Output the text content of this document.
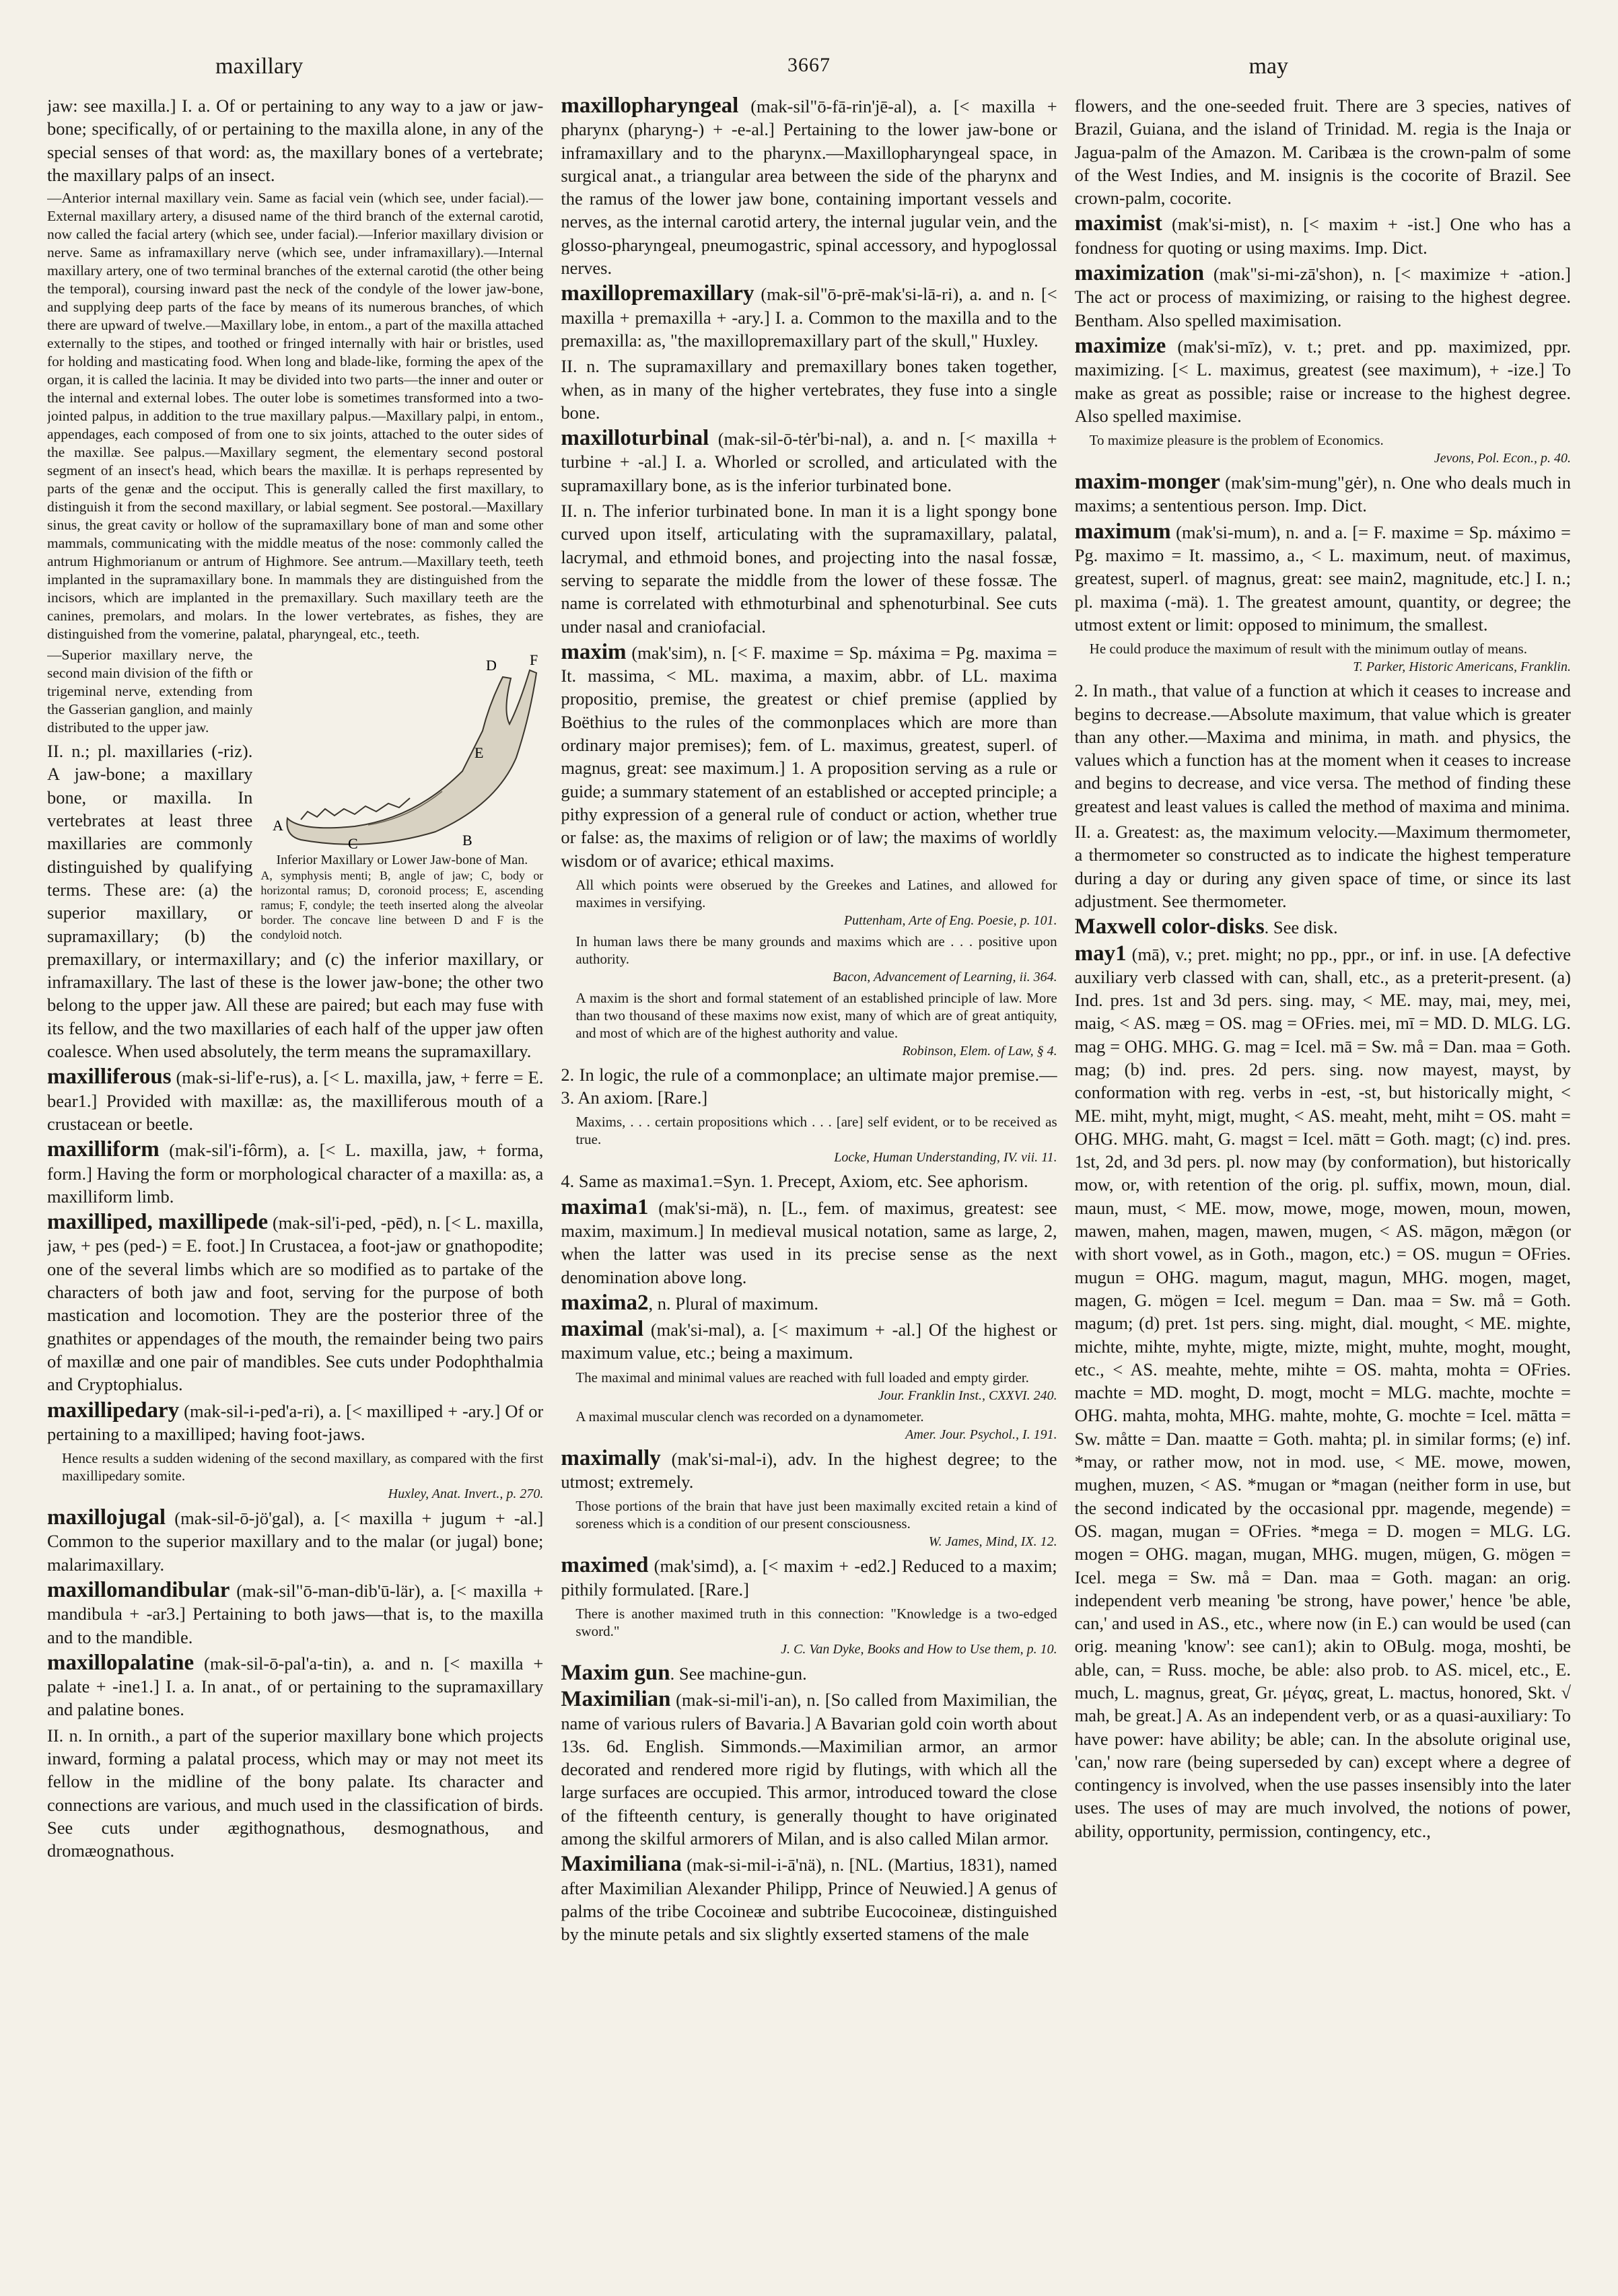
maxillary	3667	may
jaw: see maxilla.] I. a. Of or pertaining to any way to a jaw or jaw-bone; specifically, of or pertaining to the maxilla alone, in any of the special senses of that word: as, the maxillary bones of a vertebrate; the maxillary palps of an insect.
—Anterior internal maxillary vein. Same as facial vein (which see, under facial).—External maxillary artery, a disused name of the third branch of the external carotid, now called the facial artery (which see, under facial).—Inferior maxillary division or nerve. Same as inframaxillary nerve (which see, under inframaxillary).—Internal maxillary artery, one of two terminal branches of the external carotid (the other being the temporal), coursing inward past the neck of the condyle of the lower jaw-bone, and supplying deep parts of the face by means of its numerous branches, of which there are upward of twelve.—Maxillary lobe, in entom., a part of the maxilla attached externally to the stipes, and toothed or fringed internally with hair or bristles, used for holding and masticating food. When long and blade-like, forming the apex of the organ, it is called the lacinia. It may be divided into two parts—the inner and outer or the internal and external lobes. The outer lobe is sometimes transformed into a two-jointed palpus, in addition to the true maxillary palpus.—Maxillary palpi, in entom., appendages, each composed of from one to six joints, attached to the outer sides of the maxillæ. See palpus.—Maxillary segment, the elementary second postoral segment of an insect's head, which bears the maxillæ. It is perhaps represented by parts of the genæ and the occiput. This is generally called the first maxillary, to distinguish it from the second maxillary, or labial segment. See postoral.—Maxillary sinus, the great cavity or hollow of the supramaxillary bone of man and some other mammals, communicating with the middle meatus of the nose: commonly called the antrum Highmorianum or antrum of Highmore. See antrum.—Maxillary teeth, teeth implanted in the supramaxillary bone. In mammals they are distinguished from the incisors, which are implanted in the premaxillary. Such maxillary teeth are the canines, premolars, and molars. In the lower vertebrates, as fishes, they are distinguished from the vomerine, palatal, pharyngeal, etc., teeth.
A
B
C
D
E
F
Inferior Maxillary or Lower Jaw-bone of Man.
A, symphysis menti; B, angle of jaw; C, body or horizontal ramus; D, coronoid process; E, ascending ramus; F, condyle; the teeth inserted along the alveolar border. The concave line between D and F is the condyloid notch.
—Superior maxillary nerve, the second main division of the fifth or trigeminal nerve, extending from the Gasserian ganglion, and mainly distributed to the upper jaw.
II. n.; pl. maxillaries (-riz). A jaw-bone; a maxillary bone, or maxilla. In vertebrates at least three maxillaries are commonly distinguished by qualifying terms. These are: (a) the superior maxillary, or supramaxillary; (b) the premaxillary, or intermaxillary; and (c) the inferior maxillary, or inframaxillary. The last of these is the lower jaw-bone; the other two belong to the upper jaw. All these are paired; but each may fuse with its fellow, and the two maxillaries of each half of the upper jaw often coalesce. When used absolutely, the term means the supramaxillary.
maxilliferous (mak-si-lif'e-rus), a. [< L. maxilla, jaw, + ferre = E. bear1.] Provided with maxillæ: as, the maxilliferous mouth of a crustacean or beetle.
maxilliform (mak-sil'i-fôrm), a. [< L. maxilla, jaw, + forma, form.] Having the form or morphological character of a maxilla: as, a maxilliform limb.
maxilliped, maxillipede (mak-sil'i-ped, -pēd), n. [< L. maxilla, jaw, + pes (ped-) = E. foot.] In Crustacea, a foot-jaw or gnathopodite; one of the several limbs which are so modified as to partake of the characters of both jaw and foot, serving for the purpose of both mastication and locomotion. They are the posterior three of the gnathites or appendages of the mouth, the remainder being two pairs of maxillæ and one pair of mandibles. See cuts under Podophthalmia and Cryptophialus.
maxillipedary (mak-sil-i-ped'a-ri), a. [< maxilliped + -ary.] Of or pertaining to a maxilliped; having foot-jaws.
Hence results a sudden widening of the second maxillary, as compared with the first maxillipedary somite.
Huxley, Anat. Invert., p. 270.
maxillojugal (mak-sil-ō-jö'gal), a. [< maxilla + jugum + -al.] Common to the superior maxillary and to the malar (or jugal) bone; malarimaxillary.
maxillomandibular (mak-sil"ō-man-dib'ū-lär), a. [< maxilla + mandibula + -ar3.] Pertaining to both jaws—that is, to the maxilla and to the mandible.
maxillopalatine (mak-sil-ō-pal'a-tin), a. and n. [< maxilla + palate + -ine1.] I. a. In anat., of or pertaining to the supramaxillary and palatine bones.
II. n. In ornith., a part of the superior maxillary bone which projects inward, forming a palatal process, which may or may not meet its fellow in the midline of the bony palate. Its character and connections are various, and much used in the classification of birds. See cuts under ægithognathous, desmognathous, and dromæognathous.
maxillopharyngeal (mak-sil"ō-fā-rin'jē-al), a. [< maxilla + pharynx (pharyng-) + -e-al.] Pertaining to the lower jaw-bone or inframaxillary and to the pharynx.—Maxillopharyngeal space, in surgical anat., a triangular area between the side of the pharynx and the ramus of the lower jaw bone, containing important vessels and nerves, as the internal carotid artery, the internal jugular vein, and the glosso-pharyngeal, pneumogastric, spinal accessory, and hypoglossal nerves.
maxillopremaxillary (mak-sil"ō-prē-mak'si-lā-ri), a. and n. [< maxilla + premaxilla + -ary.] I. a. Common to the maxilla and to the premaxilla: as, "the maxillopremaxillary part of the skull," Huxley.
II. n. The supramaxillary and premaxillary bones taken together, when, as in many of the higher vertebrates, they fuse into a single bone.
maxilloturbinal (mak-sil-ō-tėr'bi-nal), a. and n. [< maxilla + turbine + -al.] I. a. Whorled or scrolled, and articulated with the supramaxillary bone, as is the inferior turbinated bone.
II. n. The inferior turbinated bone. In man it is a light spongy bone curved upon itself, articulating with the supramaxillary, palatal, lacrymal, and ethmoid bones, and projecting into the nasal fossæ, serving to separate the middle from the lower of these fossæ. The name is correlated with ethmoturbinal and sphenoturbinal. See cuts under nasal and craniofacial.
maxim (mak'sim), n. [< F. maxime = Sp. máxima = Pg. maxima = It. massima, < ML. maxima, a maxim, abbr. of LL. maxima propositio, premise, the greatest or chief premise (applied by Boëthius to the rules of the commonplaces which are more than ordinary major premises); fem. of L. maximus, greatest, superl. of magnus, great: see maximum.] 1. A proposition serving as a rule or guide; a summary statement of an established or accepted principle; a pithy expression of a general rule of conduct or action, whether true or false: as, the maxims of religion or of law; the maxims of worldly wisdom or of avarice; ethical maxims.
All which points were obserued by the Greekes and Latines, and allowed for maximes in versifying.
Puttenham, Arte of Eng. Poesie, p. 101.
In human laws there be many grounds and maxims which are . . . positive upon authority.
Bacon, Advancement of Learning, ii. 364.
A maxim is the short and formal statement of an established principle of law. More than two thousand of these maxims now exist, many of which are of great antiquity, and most of which are of the highest authority and value.
Robinson, Elem. of Law, § 4.
2. In logic, the rule of a commonplace; an ultimate major premise.—3. An axiom. [Rare.]
Maxims, . . . certain propositions which . . . [are] self evident, or to be received as true.
Locke, Human Understanding, IV. vii. 11.
4. Same as maxima1.=Syn. 1. Precept, Axiom, etc. See aphorism.
maxima1 (mak'si-mä), n. [L., fem. of maximus, greatest: see maxim, maximum.] In medieval musical notation, same as large, 2, when the latter was used in its precise sense as the next denomination above long.
maxima2, n. Plural of maximum.
maximal (mak'si-mal), a. [< maximum + -al.] Of the highest or maximum value, etc.; being a maximum.
The maximal and minimal values are reached with full loaded and empty girder.
Jour. Franklin Inst., CXXVI. 240.
A maximal muscular clench was recorded on a dynamometer.
Amer. Jour. Psychol., I. 191.
maximally (mak'si-mal-i), adv. In the highest degree; to the utmost; extremely.
Those portions of the brain that have just been maximally excited retain a kind of soreness which is a condition of our present consciousness.
W. James, Mind, IX. 12.
maximed (mak'simd), a. [< maxim + -ed2.] Reduced to a maxim; pithily formulated. [Rare.]
There is another maximed truth in this connection: "Knowledge is a two-edged sword."
J. C. Van Dyke, Books and How to Use them, p. 10.
Maxim gun. See machine-gun.
Maximilian (mak-si-mil'i-an), n. [So called from Maximilian, the name of various rulers of Bavaria.] A Bavarian gold coin worth about 13s. 6d. English. Simmonds.—Maximilian armor, an armor decorated and rendered more rigid by flutings, with which all the large surfaces are occupied. This armor, introduced toward the close of the fifteenth century, is generally thought to have originated among the skilful armorers of Milan, and is also called Milan armor.
Maximiliana (mak-si-mil-i-ā'nä), n. [NL. (Martius, 1831), named after Maximilian Alexander Philipp, Prince of Neuwied.] A genus of palms of the tribe Cocoineæ and subtribe Eucocoineæ, distinguished by the minute petals and six slightly exserted stamens of the male
flowers, and the one-seeded fruit. There are 3 species, natives of Brazil, Guiana, and the island of Trinidad. M. regia is the Inaja or Jagua-palm of the Amazon. M. Caribæa is the crown-palm of some of the West Indies, and M. insignis is the cocorite of Brazil. See crown-palm, cocorite.
maximist (mak'si-mist), n. [< maxim + -ist.] One who has a fondness for quoting or using maxims. Imp. Dict.
maximization (mak"si-mi-zā'shon), n. [< maximize + -ation.] The act or process of maximizing, or raising to the highest degree. Bentham. Also spelled maximisation.
maximize (mak'si-mīz), v. t.; pret. and pp. maximized, ppr. maximizing. [< L. maximus, greatest (see maximum), + -ize.] To make as great as possible; raise or increase to the highest degree. Also spelled maximise.
To maximize pleasure is the problem of Economics.
Jevons, Pol. Econ., p. 40.
maxim-monger (mak'sim-mung"gėr), n. One who deals much in maxims; a sententious person. Imp. Dict.
maximum (mak'si-mum), n. and a. [= F. maxime = Sp. máximo = Pg. maximo = It. massimo, a., < L. maximum, neut. of maximus, greatest, superl. of magnus, great: see main2, magnitude, etc.] I. n.; pl. maxima (-mä). 1. The greatest amount, quantity, or degree; the utmost extent or limit: opposed to minimum, the smallest.
He could produce the maximum of result with the minimum outlay of means.
T. Parker, Historic Americans, Franklin.
2. In math., that value of a function at which it ceases to increase and begins to decrease.—Absolute maximum, that value which is greater than any other.—Maxima and minima, in math. and physics, the values which a function has at the moment when it ceases to increase and begins to decrease, and vice versa. The method of finding these greatest and least values is called the method of maxima and minima.
II. a. Greatest: as, the maximum velocity.—Maximum thermometer, a thermometer so constructed as to indicate the highest temperature during a day or during any given space of time, or since its last adjustment. See thermometer.
Maxwell color-disks. See disk.
may1 (mā), v.; pret. might; no pp., ppr., or inf. in use. [A defective auxiliary verb classed with can, shall, etc., as a preterit-present. (a) Ind. pres. 1st and 3d pers. sing. may, < ME. may, mai, mey, mei, maig, < AS. mæg = OS. mag = OFries. mei, mī = MD. D. MLG. LG. mag = OHG. MHG. G. mag = Icel. mā = Sw. må = Dan. maa = Goth. mag; (b) ind. pres. 2d pers. sing. now mayest, mayst, by conformation with reg. verbs in -est, -st, but historically might, < ME. miht, myht, migt, mught, < AS. meaht, meht, miht = OS. maht = OHG. MHG. maht, G. magst = Icel. mātt = Goth. magt; (c) ind. pres. 1st, 2d, and 3d pers. pl. now may (by conformation), but historically mow, or, with retention of the orig. pl. suffix, mown, moun, dial. maun, must, < ME. mow, mowe, moge, mowen, moun, mowen, mawen, mahen, magen, mawen, mugen, < AS. māgon, mǣgon (or with short vowel, as in Goth., magon, etc.) = OS. mugun = OFries. mugun = OHG. magum, magut, magun, MHG. mogen, maget, magen, G. mögen = Icel. megum = Dan. maa = Sw. må = Goth. magum; (d) pret. 1st pers. sing. might, dial. mought, < ME. mighte, michte, mihte, myhte, migte, mizte, might, muhte, moght, mought, etc., < AS. meahte, mehte, mihte = OS. mahta, mohta = OFries. machte = MD. moght, D. mogt, mocht = MLG. machte, mochte = OHG. mahta, mohta, MHG. mahte, mohte, G. mochte = Icel. mātta = Sw. måtte = Dan. maatte = Goth. mahta; pl. in similar forms; (e) inf. *may, or rather mow, not in mod. use, < ME. mowe, mowen, mughen, muzen, < AS. *mugan or *magan (neither form in use, but the second indicated by the occasional ppr. magende, megende) = OS. magan, mugan = OFries. *mega = D. mogen = MLG. LG. mogen = OHG. magan, mugan, MHG. mugen, mügen, G. mögen = Icel. mega = Sw. må = Dan. maa = Goth. magan: an orig. independent verb meaning 'be strong, have power,' hence 'be able, can,' and used in AS., etc., where now (in E.) can would be used (can orig. meaning 'know': see can1); akin to OBulg. moga, moshti, be able, can, = Russ. moche, be able: also prob. to AS. micel, etc., E. much, L. magnus, great, Gr. μέγας, great, L. mactus, honored, Skt. √ mah, be great.] A. As an independent verb, or as a quasi-auxiliary: To have power: have ability; be able; can. In the absolute original use, 'can,' now rare (being superseded by can) except where a degree of contingency is involved, when the use passes insensibly into the later uses. The uses of may are much involved, the notions of power, ability, opportunity, permission, contingency, etc.,
